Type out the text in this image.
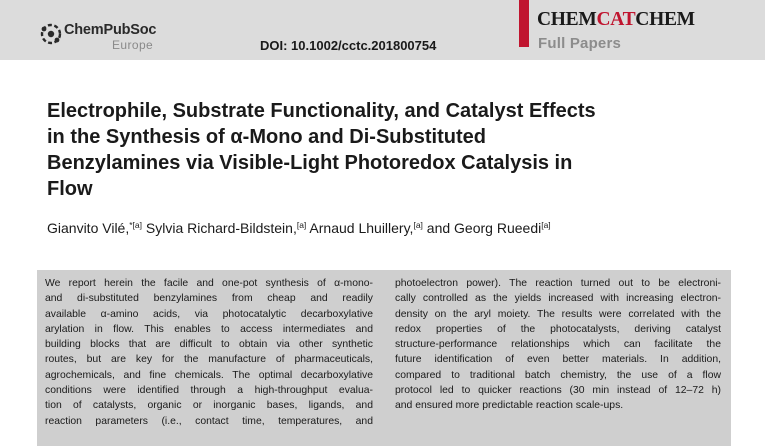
ChemPubSoc
Europe	DOI: 10.1002/cctc.201800754
CHEMCATCHEM
Full Papers
Electrophile, Substrate Functionality, and Catalyst Effects
in the Synthesis of α-Mono and Di-Substituted
Benzylamines via Visible-Light Photoredox Catalysis in
Flow
Gianvito Vilé,$^{*[a]}$ Sylvia Richard-Bildstein,[a] Arnaud Lhuillery,[a] and Georg Rueedi[a]
We report herein the facile and one-pot synthesis of α-mono-
and di-substituted benzylamines from cheap and readily
available α-amino acids, via photocatalytic decarboxylative
arylation in flow. This enables to access intermediates and
building blocks that are difficult to obtain via other synthetic
routes, but are key for the manufacture of pharmaceuticals,
agrochemicals, and fine chemicals. The optimal decarboxylative
conditions were identified through a high-throughput evalua-
tion of catalysts, organic or inorganic bases, ligands, and
reaction parameters (i.e., contact time, temperatures, and
photoelectron power). The reaction turned out to be electroni-
cally controlled as the yields increased with increasing electron-
density on the aryl moiety. The results were correlated with the
redox properties of the photocatalysts, deriving catalyst
structure-performance relationships which can facilitate the
future identification of even better materials. In addition,
compared to traditional batch chemistry, the use of a flow
protocol led to quicker reactions (30 min instead of 12–72 h)
and ensured more predictable reaction scale-ups.
